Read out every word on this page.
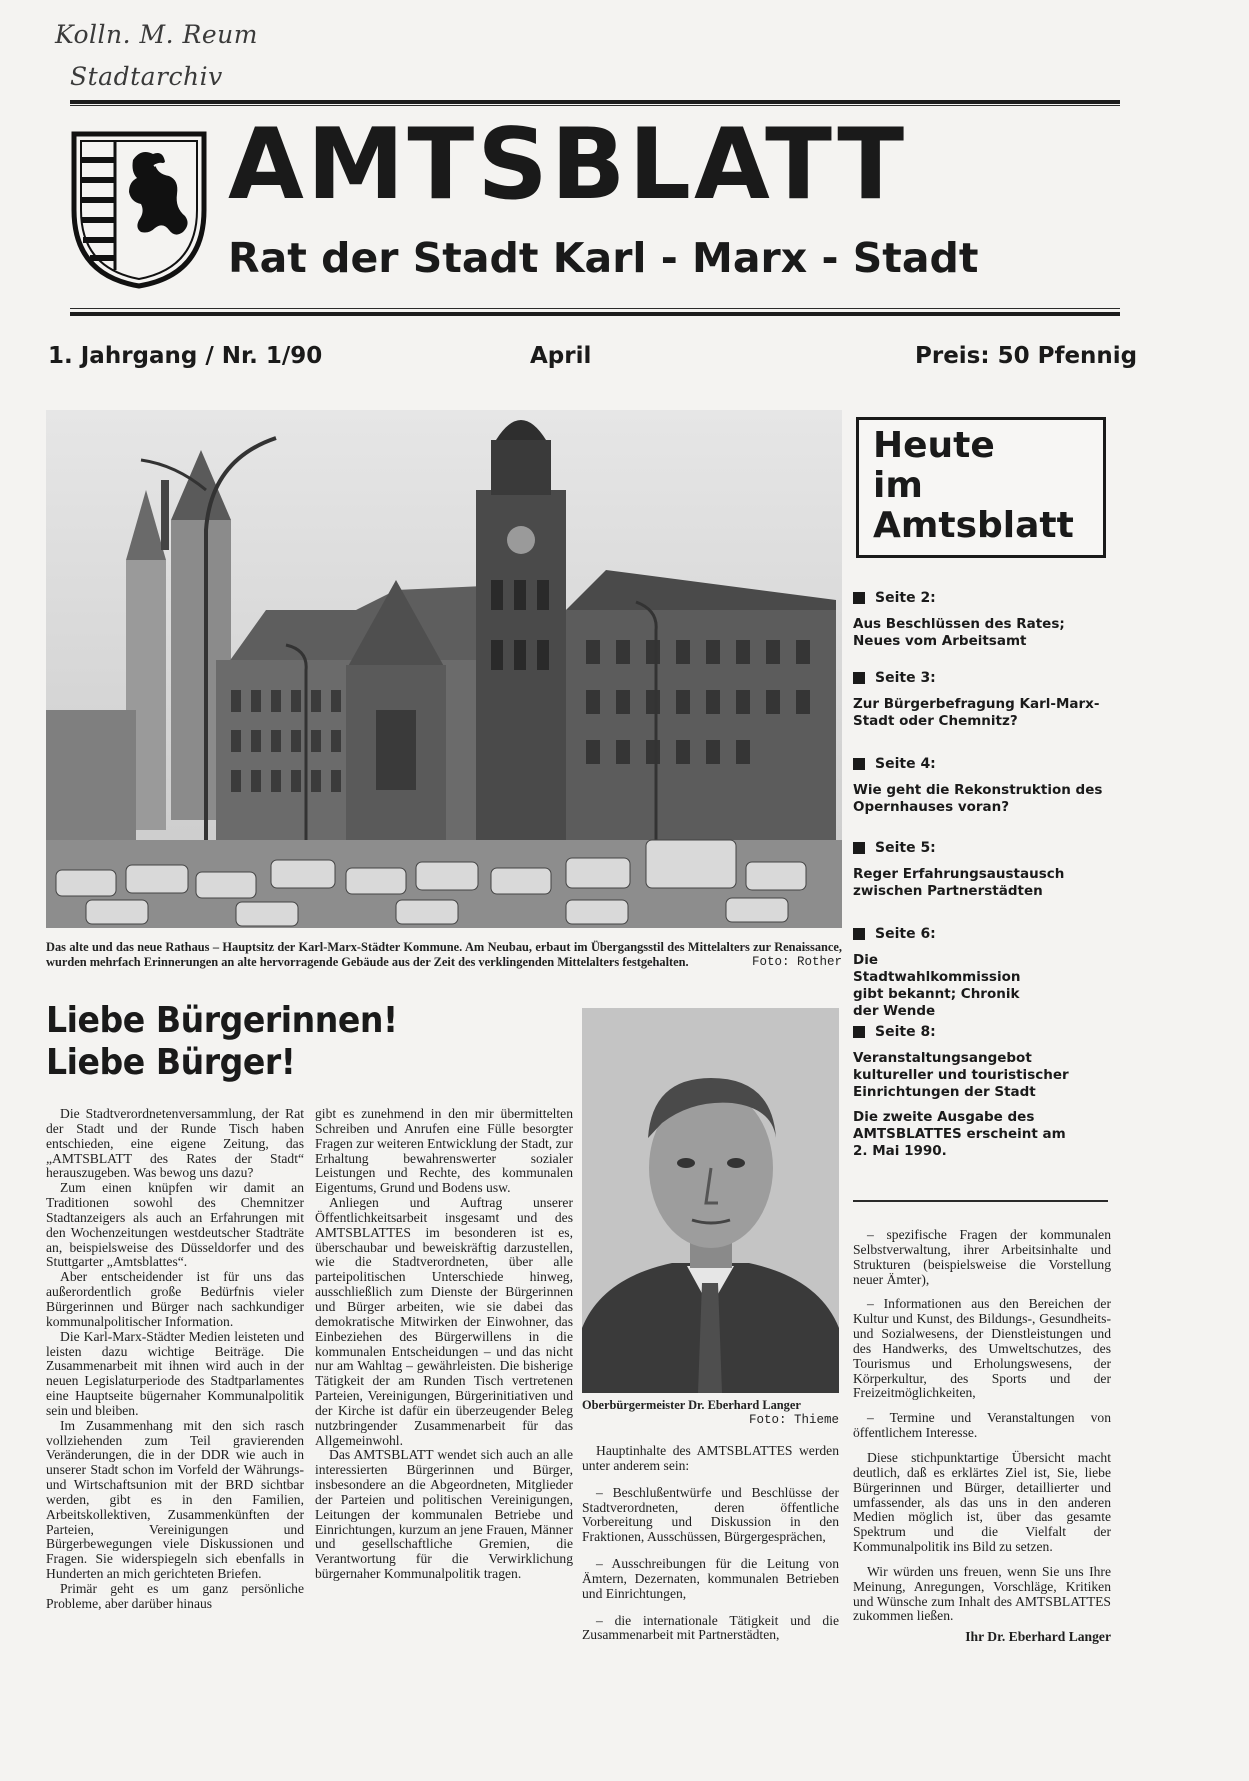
Kolln. M. Reum
Stadtarchiv
AMTSBLATT
Rat der Stadt Karl - Marx - Stadt
1. Jahrgang / Nr. 1/90	April	Preis: 50 Pfennig
Das alte und das neue Rathaus – Hauptsitz der Karl-Marx-Städter Kommune. Am Neubau, erbaut im Übergangsstil des Mittelalters zur Renaissance, wurden mehrfach Erinnerungen an alte hervorragende Gebäude aus der Zeit des verklingenden Mittelalters festgehalten.	Foto: Rother
Heute
im
Amtsblatt
Seite 2:
Aus Beschlüssen des Rates; Neues vom Arbeitsamt
Seite 3:
Zur Bürgerbefragung Karl-Marx-Stadt oder Chemnitz?
Seite 4:
Wie geht die Rekonstruktion des Opernhauses voran?
Seite 5:
Reger Erfahrungsaustausch zwischen Partnerstädten
Seite 6:
Die Stadtwahlkommission gibt bekannt; Chronik der Wende
Seite 8:
Veranstaltungsangebot kultureller und touristischer Einrichtungen der Stadt
Die zweite Ausgabe des AMTSBLATTES erscheint am 2. Mai 1990.
Liebe Bürgerinnen!
Liebe Bürger!
Oberbürgermeister Dr. Eberhard Langer
Foto: Thieme

Die Stadtverordnetenversammlung, der Rat der Stadt und der Runde Tisch haben entschieden, eine eigene Zeitung, das „AMTSBLATT des Rates der Stadt“ herauszugeben. Was bewog uns dazu?

Zum einen knüpfen wir damit an Traditionen sowohl des Chemnitzer Stadtanzeigers als auch an Erfahrungen mit den Wochenzeitungen westdeutscher Stadträte an, beispielsweise des Düsseldorfer und des Stuttgarter „Amtsblattes“.

Aber entscheidender ist für uns das außerordentlich große Bedürfnis vieler Bürgerinnen und Bürger nach sachkundiger kommunalpolitischer Information.

Die Karl-Marx-Städter Medien leisteten und leisten dazu wichtige Beiträge. Die Zusammenarbeit mit ihnen wird auch in der neuen Legislaturperiode des Stadtparlamentes eine Hauptseite bügernaher Kommunalpolitik sein und bleiben.

Im Zusammenhang mit den sich rasch vollziehenden zum Teil gravierenden Veränderungen, die in der DDR wie auch in unserer Stadt schon im Vorfeld der Währungs- und Wirtschaftsunion mit der BRD sichtbar werden, gibt es in den Familien, Arbeitskollektiven, Zusammenkünften der Parteien, Vereinigungen und Bürgerbewegungen viele Diskussionen und Fragen. Sie widerspiegeln sich ebenfalls in Hunderten an mich gerichteten Briefen.

Primär geht es um ganz persönliche Probleme, aber darüber hinaus

gibt es zunehmend in den mir übermittelten Schreiben und Anrufen eine Fülle besorgter Fragen zur weiteren Entwicklung der Stadt, zur Erhaltung bewahrenswerter sozialer Leistungen und Rechte, des kommunalen Eigentums, Grund und Bodens usw.

Anliegen und Auftrag unserer Öffentlichkeitsarbeit insgesamt und des AMTSBLATTES im besonderen ist es, überschaubar und beweiskräftig darzustellen, wie die Stadtverordneten, über alle parteipolitischen Unterschiede hinweg, ausschließlich zum Dienste der Bürgerinnen und Bürger arbeiten, wie sie dabei das demokratische Mitwirken der Einwohner, das Einbeziehen des Bürgerwillens in die kommunalen Entscheidungen – und das nicht nur am Wahltag – gewährleisten. Die bisherige Tätigkeit der am Runden Tisch vertretenen Parteien, Vereinigungen, Bürgerinitiativen und der Kirche ist dafür ein überzeugender Beleg nutzbringender Zusammenarbeit für das Allgemeinwohl.

Das AMTSBLATT wendet sich auch an alle interessierten Bürgerinnen und Bürger, insbesondere an die Abgeordneten, Mitglieder der Parteien und politischen Vereinigungen, Leitungen der kommunalen Betriebe und Einrichtungen, kurzum an jene Frauen, Männer und gesellschaftliche Gremien, die Verantwortung für die Verwirklichung bürgernaher Kommunalpolitik tragen.

Hauptinhalte des AMTSBLATTES werden unter anderem sein:

– Beschlußentwürfe und Beschlüsse der Stadtverordneten, deren öffentliche Vorbereitung und Diskussion in den Fraktionen, Ausschüssen, Bürgergesprächen,

– Ausschreibungen für die Leitung von Ämtern, Dezernaten, kommunalen Betrieben und Einrichtungen,

– die internationale Tätigkeit und die Zusammenarbeit mit Partnerstädten,

– spezifische Fragen der kommunalen Selbstverwaltung, ihrer Arbeitsinhalte und Strukturen (beispielsweise die Vorstellung neuer Ämter),

– Informationen aus den Bereichen der Kultur und Kunst, des Bildungs-, Gesundheits- und Sozialwesens, der Dienstleistungen und des Handwerks, des Umweltschutzes, des Tourismus und Erholungswesens, der Körperkultur, des Sports und der Freizeitmöglichkeiten,

– Termine und Veranstaltungen von öffentlichem Interesse.

Diese stichpunktartige Übersicht macht deutlich, daß es erklärtes Ziel ist, Sie, liebe Bürgerinnen und Bürger, detaillierter und umfassender, als das uns in den anderen Medien möglich ist, über das gesamte Spektrum und die Vielfalt der Kommunalpolitik ins Bild zu setzen.

Wir würden uns freuen, wenn Sie uns Ihre Meinung, Anregungen, Vorschläge, Kritiken und Wünsche zum Inhalt des AMTSBLATTES zukommen ließen.

Ihr Dr. Eberhard Langer
